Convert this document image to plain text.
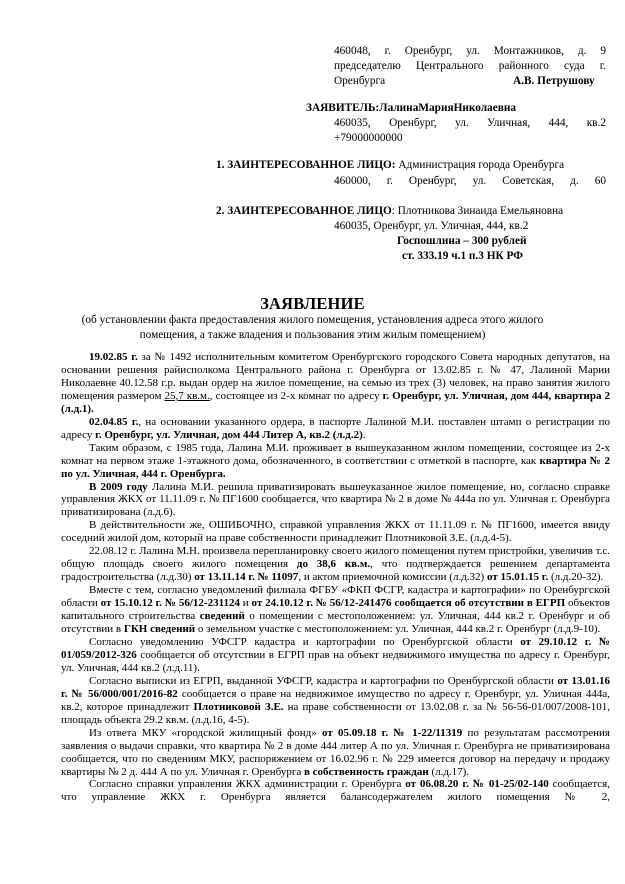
460048, г. Оренбург, ул. Монтажников, д. 9
председателю Центрального районного суда г.
Оренбурга	А.В. Петрушову
ЗАЯВИТЕЛЬ:ЛалинаМарияНиколаевна
460035, Оренбург, ул. Уличная, 444, кв.2
+79000000000
1. ЗАИНТЕРЕСОВАННОЕ ЛИЦО: Администрация города Оренбурга
460000, г. Оренбург, ул. Советская, д. 60
2. ЗАИНТЕРЕСОВАННОЕ ЛИЦО: Плотникова Зинаида Емельяновна
460035, Оренбург, ул. Уличная, 444, кв.2
Госпошлина – 300 рублей
ст. 333.19 ч.1 п.3 НК РФ
ЗАЯВЛЕНИЕ
(об установлении факта предоставления жилого помещения, установления адреса этого жилого помещения, а также владения и пользования этим жилым помещением)

19.02.85 г. за № 1492 исполнительным комитетом Оренбургского городского Совета народных депутатов, на основании решения райисполкома Центрального района г. Оренбурга от 13.02.85 г. № 47, Лалиной Марии Николаевне 40.12.58 г.р. выдан ордер на жилое помещение, на семью из трех (3) человек, на право занятия жилого помещения размером 25,7 кв.м., состоящее из 2-х комнат по адресу г. Оренбург, ул. Уличная, дом 444, квартира 2 (л.д.1).

02.04.85 г., на основании указанного ордера, в паспорте Лалиной М.И. поставлен штамп о регистрации по адресу г. Оренбург, ул. Уличная, дом 444 Литер А, кв.2 (л.д.2).

Таким образом, с 1985 года, Лалина М.И. проживает в вышеуказанном жилом помещении, состоящее из 2-х комнат на первом этаже 1-этажного дома, обозначенного, в соответствии с отметкой в паспорте, как квартира № 2 по ул. Уличная, 444 г. Оренбурга.

В 2009 году Лалина М.И. решила приватизировать вышеуказанное жилое помещение, но, согласно справке управления ЖКХ от 11.11.09 г. № ПГ1600 сообщается, что квартира № 2 в доме № 444а по ул. Уличная г. Оренбурга приватизирована (л.д.6).

В действительности же, ОШИБОЧНО, справкой управления ЖКХ от 11.11.09 г. № ПГ1600, имеется ввиду соседний жилой дом, который на праве собственности принадлежит Плотниковой З.Е. (л.д.4-5).

22.08.12 г. Лалина М.Н. произвела перепланировку своего жилого помещения путем пристройки, увеличив т.с. общую площадь своего жилого помещения до 38,6 кв.м., что подтверждается решением департамента градостроительства (л.д.30) от 13.11.14 г. № 11097, и актом приемочной комиссии (л.д.32) от 15.01.15 г. (л.д.20-32).

Вместе с тем, согласно уведомлений филиала ФГБУ «ФКП ФСГР, кадастра и картографии» по Оренбургской области от 15.10.12 г. № 56/12-231124 и от 24.10.12 г. № 56/12-241476 сообщается об отсутствии в ЕГРП объектов капитального строительства сведений о помещении с местоположением: ул. Уличная, 444 кв.2 г. Оренбург и об отсутствии в ГКН сведений о земельном участке с местоположением: ул. Уличная, 444 кв.2 г. Оренбург (л.д.9-10).

Согласно уведомлению УФСГР кадастра и картографии по Оренбургской области от 29.10.12 г. № 01/059/2012-326 сообщается об отсутствии в ЕГРП прав на объект недвижимого имущества по адресу г. Оренбург, ул. Уличная, 444 кв.2 (л.д.11).

Согласно выписки из ЕГРП, выданной УФСГР, кадастра и картографии по Оренбургской области от 13.01.16 г. № 56/000/001/2016-82 сообщается о праве на недвижимое имущество по адресу г. Оренбург, ул. Уличная 444а, кв.2, которое принадлежит Плотниковой З.Е. на праве собственности от 13.02.08 г. за № 56-56-01/007/2008-101, площадь объекта 29.2 кв.м. (л.д.16, 4-5).

Из ответа МКУ «городской жилищный фонд» от 05.09.18 г. № 1-22/11319 по результатам рассмотрения заявления о выдачи справки, что квартира № 2 в доме 444 литер А по ул. Уличная г. Оренбурга не приватизирована сообщается, что по сведениям МКУ, распоряжением от 16.02.96 г. № 229 имеется договор на передачу и продажу квартиры № 2 д. 444 А по ул. Уличная г. Оренбурга в собственность граждан (л.д.17).

Согласно справки управления ЖКХ администрации г. Оренбурга от 06.08.20 г. № 01-25/02-140 сообщается, что управление ЖКХ г. Оренбурга является балансодержателем жилого помещения № 2,
